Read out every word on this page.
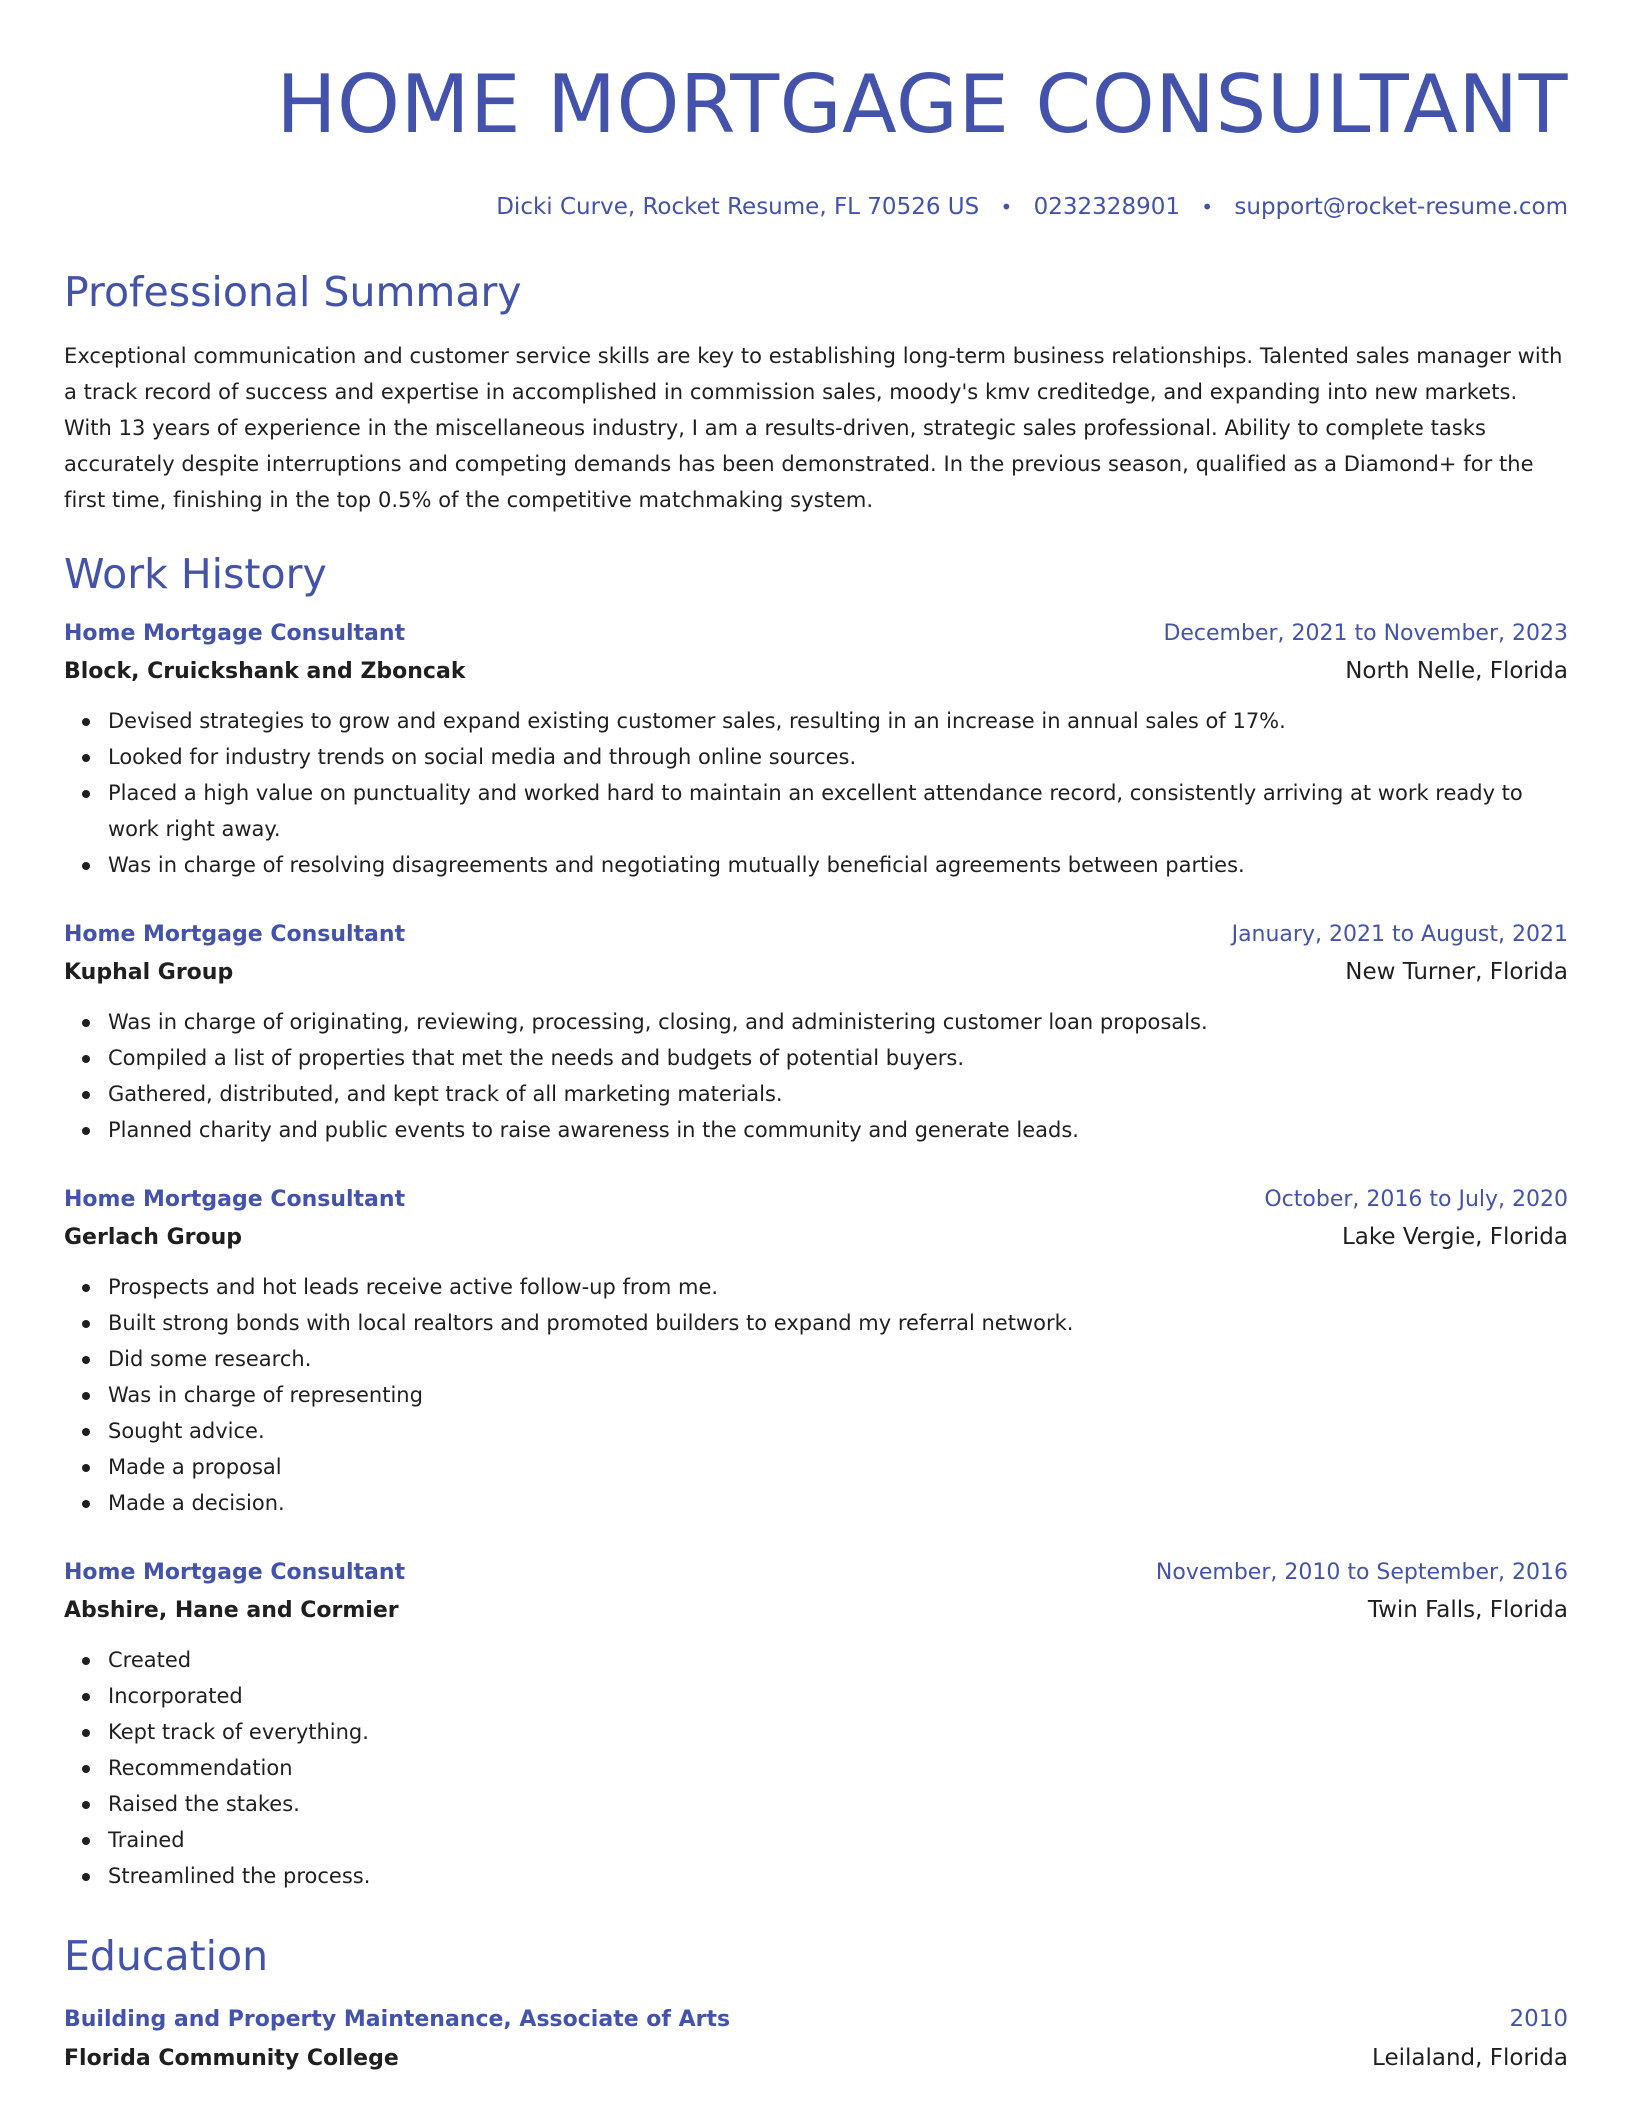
HOME MORTGAGE CONSULTANT
Dicki Curve, Rocket Resume, FL 70526 US • 0232328901 • support@rocket-resume.com
Professional Summary

Exceptional communication and customer service skills are key to establishing long-term business relationships. Talented sales manager with a track record of success and expertise in accomplished in commission sales, moody's kmv creditedge, and expanding into new markets. With 13 years of experience in the miscellaneous industry, I am a results-driven, strategic sales professional. Ability to complete tasks accurately despite interruptions and competing demands has been demonstrated. In the previous season, qualified as a Diamond+ for the first time, finishing in the top 0.5% of the competitive matchmaking system.

Work History
Home Mortgage Consultant	December, 2021 to November, 2023
Block, Cruickshank and Zboncak	North Nelle, Florida
Devised strategies to grow and expand existing customer sales, resulting in an increase in annual sales of 17%.
Looked for industry trends on social media and through online sources.
Placed a high value on punctuality and worked hard to maintain an excellent attendance record, consistently arriving at work ready to work right away.
Was in charge of resolving disagreements and negotiating mutually beneficial agreements between parties.
Home Mortgage Consultant	January, 2021 to August, 2021
Kuphal Group	New Turner, Florida
Was in charge of originating, reviewing, processing, closing, and administering customer loan proposals.
Compiled a list of properties that met the needs and budgets of potential buyers.
Gathered, distributed, and kept track of all marketing materials.
Planned charity and public events to raise awareness in the community and generate leads.
Home Mortgage Consultant	October, 2016 to July, 2020
Gerlach Group	Lake Vergie, Florida
Prospects and hot leads receive active follow-up from me.
Built strong bonds with local realtors and promoted builders to expand my referral network.
Did some research.
Was in charge of representing
Sought advice.
Made a proposal
Made a decision.
Home Mortgage Consultant	November, 2010 to September, 2016
Abshire, Hane and Cormier	Twin Falls, Florida
Created
Incorporated
Kept track of everything.
Recommendation
Raised the stakes.
Trained
Streamlined the process.
Education
Building and Property Maintenance, Associate of Arts	2010
Florida Community College	Leilaland, Florida
